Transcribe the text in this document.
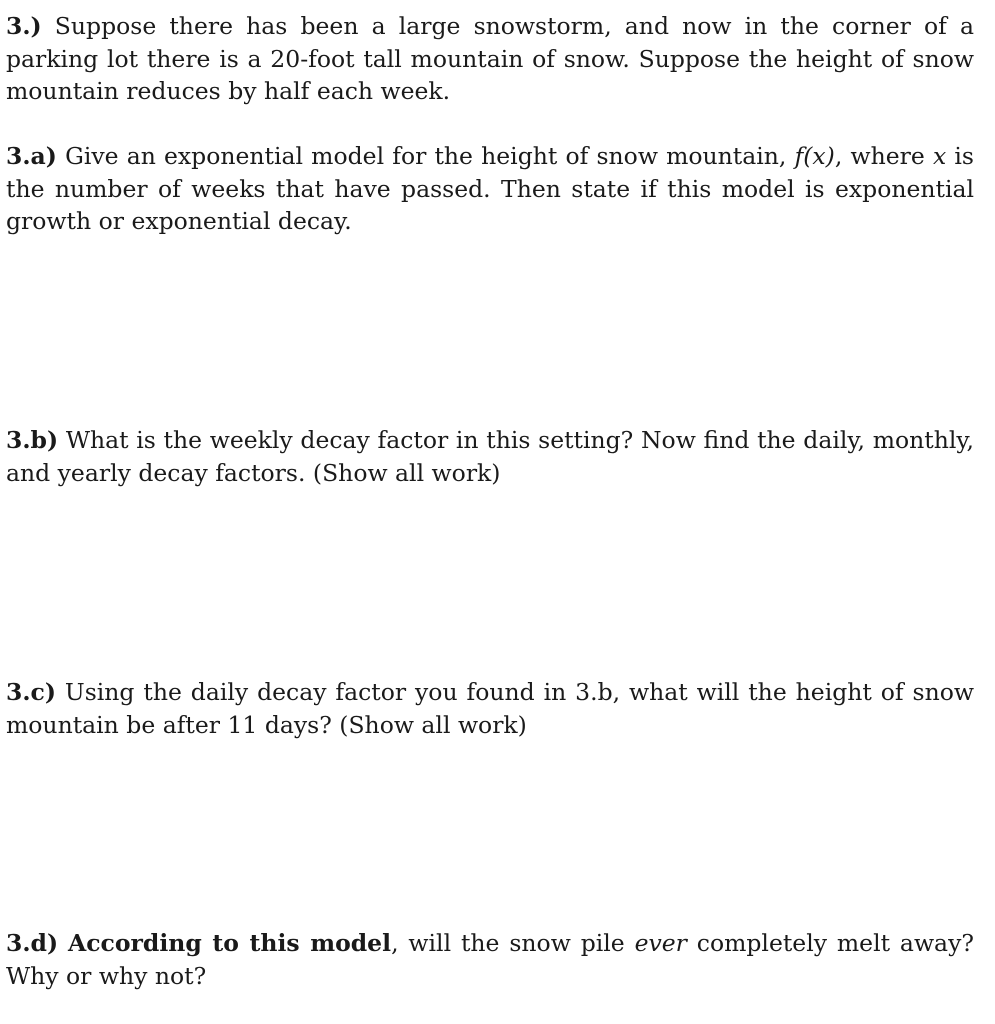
3.) Suppose there has been a large snowstorm, and now in the corner of a parking lot there is a 20-foot tall mountain of snow. Suppose the height of snow mountain reduces by half each week.
3.a) Give an exponential model for the height of snow mountain, f(x), where x is the number of weeks that have passed. Then state if this model is exponential growth or exponential decay.
3.b) What is the weekly decay factor in this setting? Now find the daily, monthly, and yearly decay factors. (Show all work)
3.c) Using the daily decay factor you found in 3.b, what will the height of snow mountain be after 11 days? (Show all work)
3.d) According to this model, will the snow pile ever completely melt away? Why or why not?
